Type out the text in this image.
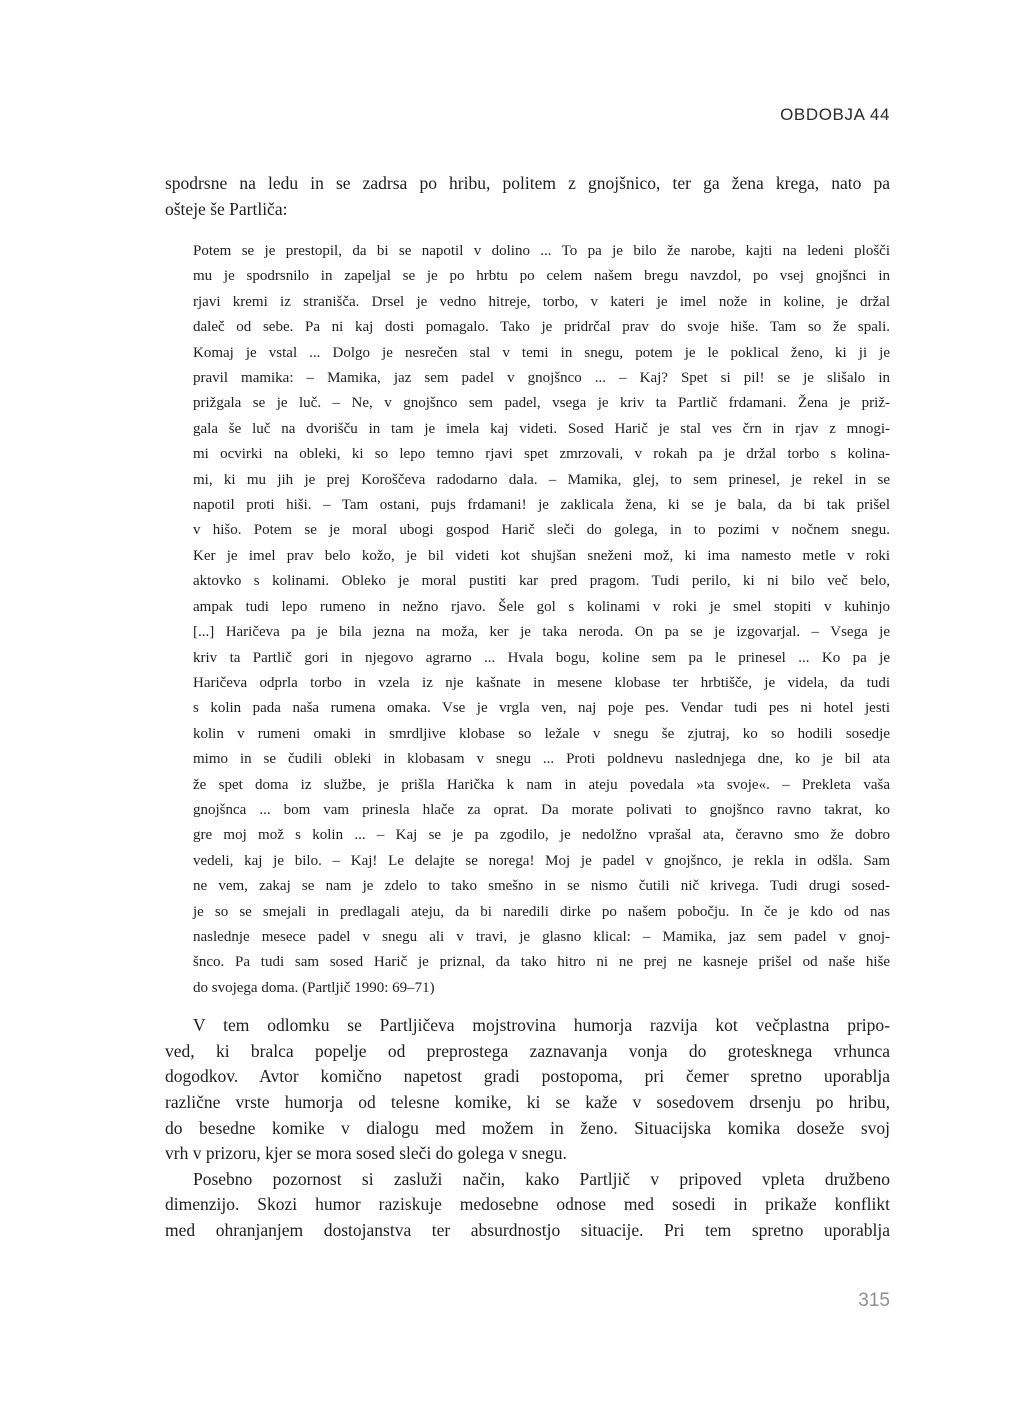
OBDOBJA 44
spodrsne na ledu in se zadrsa po hribu, politem z gnojšnico, ter ga žena krega, nato pa
ošteje še Partliča:
Potem se je prestopil, da bi se napotil v dolino ... To pa je bilo že narobe, kajti na ledeni plošči
mu je spodrsnilo in zapeljal se je po hrbtu po celem našem bregu navzdol, po vsej gnojšnci in
rjavi kremi iz stranišča. Drsel je vedno hitreje, torbo, v kateri je imel nože in koline, je držal
daleč od sebe. Pa ni kaj dosti pomagalo. Tako je pridrčal prav do svoje hiše. Tam so že spali.
Komaj je vstal ... Dolgo je nesrečen stal v temi in snegu, potem je le poklical ženo, ki ji je
pravil mamika: – Mamika, jaz sem padel v gnojšnco ... – Kaj? Spet si pil! se je slišalo in
prižgala se je luč. – Ne, v gnojšnco sem padel, vsega je kriv ta Partlič frdamani. Žena je priž-
gala še luč na dvorišču in tam je imela kaj videti. Sosed Harič je stal ves črn in rjav z mnogi-
mi ocvirki na obleki, ki so lepo temno rjavi spet zmrzovali, v rokah pa je držal torbo s kolina-
mi, ki mu jih je prej Koroščeva radodarno dala. – Mamika, glej, to sem prinesel, je rekel in se
napotil proti hiši. – Tam ostani, pujs frdamani! je zaklicala žena, ki se je bala, da bi tak prišel
v hišo. Potem se je moral ubogi gospod Harič sleči do golega, in to pozimi v nočnem snegu.
Ker je imel prav belo kožo, je bil videti kot shujšan sneženi mož, ki ima namesto metle v roki
aktovko s kolinami. Obleko je moral pustiti kar pred pragom. Tudi perilo, ki ni bilo več belo,
ampak tudi lepo rumeno in nežno rjavo. Šele gol s kolinami v roki je smel stopiti v kuhinjo
[...] Haričeva pa je bila jezna na moža, ker je taka neroda. On pa se je izgovarjal. – Vsega je
kriv ta Partlič gori in njegovo agrarno ... Hvala bogu, koline sem pa le prinesel ... Ko pa je
Haričeva odprla torbo in vzela iz nje kašnate in mesene klobase ter hrbtišče, je videla, da tudi
s kolin pada naša rumena omaka. Vse je vrgla ven, naj poje pes. Vendar tudi pes ni hotel jesti
kolin v rumeni omaki in smrdljive klobase so ležale v snegu še zjutraj, ko so hodili sosedje
mimo in se čudili obleki in klobasam v snegu ... Proti poldnevu naslednjega dne, ko je bil ata
že spet doma iz službe, je prišla Harička k nam in ateju povedala »ta svoje«. – Prekleta vaša
gnojšnca ... bom vam prinesla hlače za oprat. Da morate polivati to gnojšnco ravno takrat, ko
gre moj mož s kolin ... – Kaj se je pa zgodilo, je nedolžno vprašal ata, čeravno smo že dobro
vedeli, kaj je bilo. – Kaj! Le delajte se norega! Moj je padel v gnojšnco, je rekla in odšla. Sam
ne vem, zakaj se nam je zdelo to tako smešno in se nismo čutili nič krivega. Tudi drugi sosed-
je so se smejali in predlagali ateju, da bi naredili dirke po našem pobočju. In če je kdo od nas
naslednje mesece padel v snegu ali v travi, je glasno klical: – Mamika, jaz sem padel v gnoj-
šnco. Pa tudi sam sosed Harič je priznal, da tako hitro ni ne prej ne kasneje prišel od naše hiše
do svojega doma. (Partljič 1990: 69–71)
V tem odlomku se Partljičeva mojstrovina humorja razvija kot večplastna pripo-
ved, ki bralca popelje od preprostega zaznavanja vonja do grotesknega vrhunca
dogodkov. Avtor komično napetost gradi postopoma, pri čemer spretno uporablja
različne vrste humorja od telesne komike, ki se kaže v sosedovem drsenju po hribu,
do besedne komike v dialogu med možem in ženo. Situacijska komika doseže svoj
vrh v prizoru, kjer se mora sosed sleči do golega v snegu.
Posebno pozornost si zasluži način, kako Partljič v pripoved vpleta družbeno
dimenzijo. Skozi humor raziskuje medosebne odnose med sosedi in prikaže konflikt
med ohranjanjem dostojanstva ter absurdnostjo situacije. Pri tem spretno uporablja
315
